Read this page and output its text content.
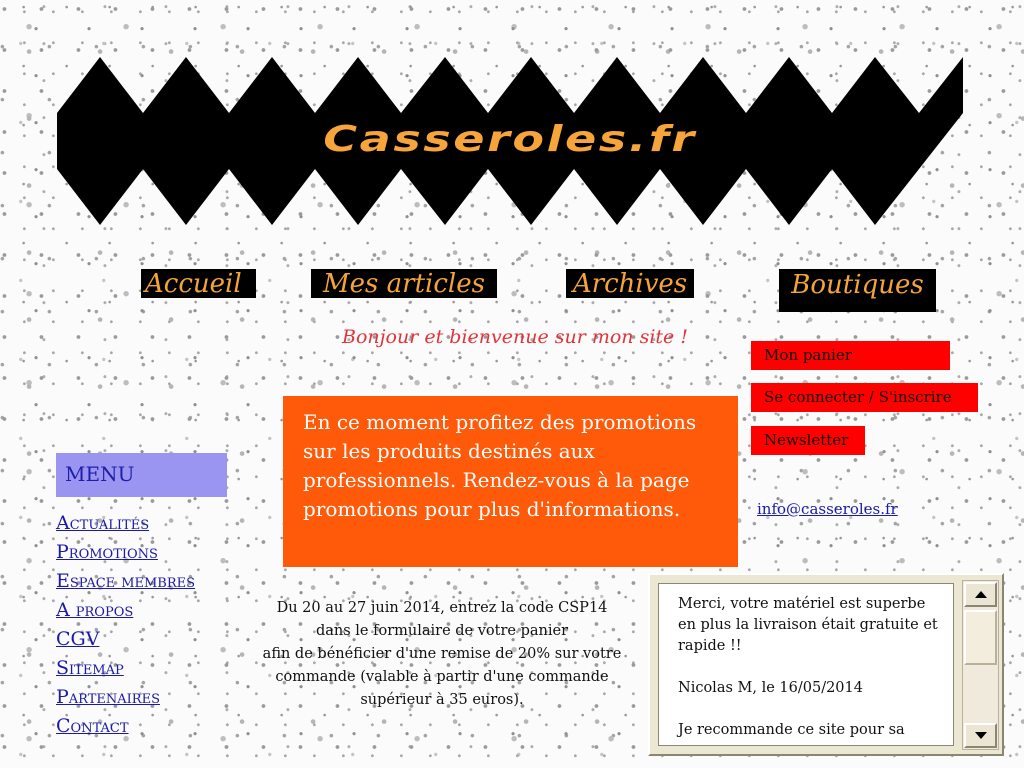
Casseroles.fr
Accueil	Mes articles	Archives	Boutiques
Bonjour et bienvenue sur mon site !
En ce moment profitez des promotions sur les produits destinés aux professionnels. Rendez-vous à la page promotions pour plus d'informations.
Mon panier
Se connecter / S'inscrire
Newsletter
info@casseroles.fr
MENU
Actualités
Promotions
Espace membres
A propos
CGV
Sitemap
Partenaires
Contact
Du 20 au 27 juin 2014, entrez la code CSP14
dans le formulaire de votre panier
afin de bénéficier d'une remise de 20% sur votre
commande (valable à partir d'une commande
supérieur à 35 euros).

Merci, votre matériel est superbe en plus la livraison était gratuite et rapide !!

Nicolas M, le 16/05/2014

Je recommande ce site pour sa
